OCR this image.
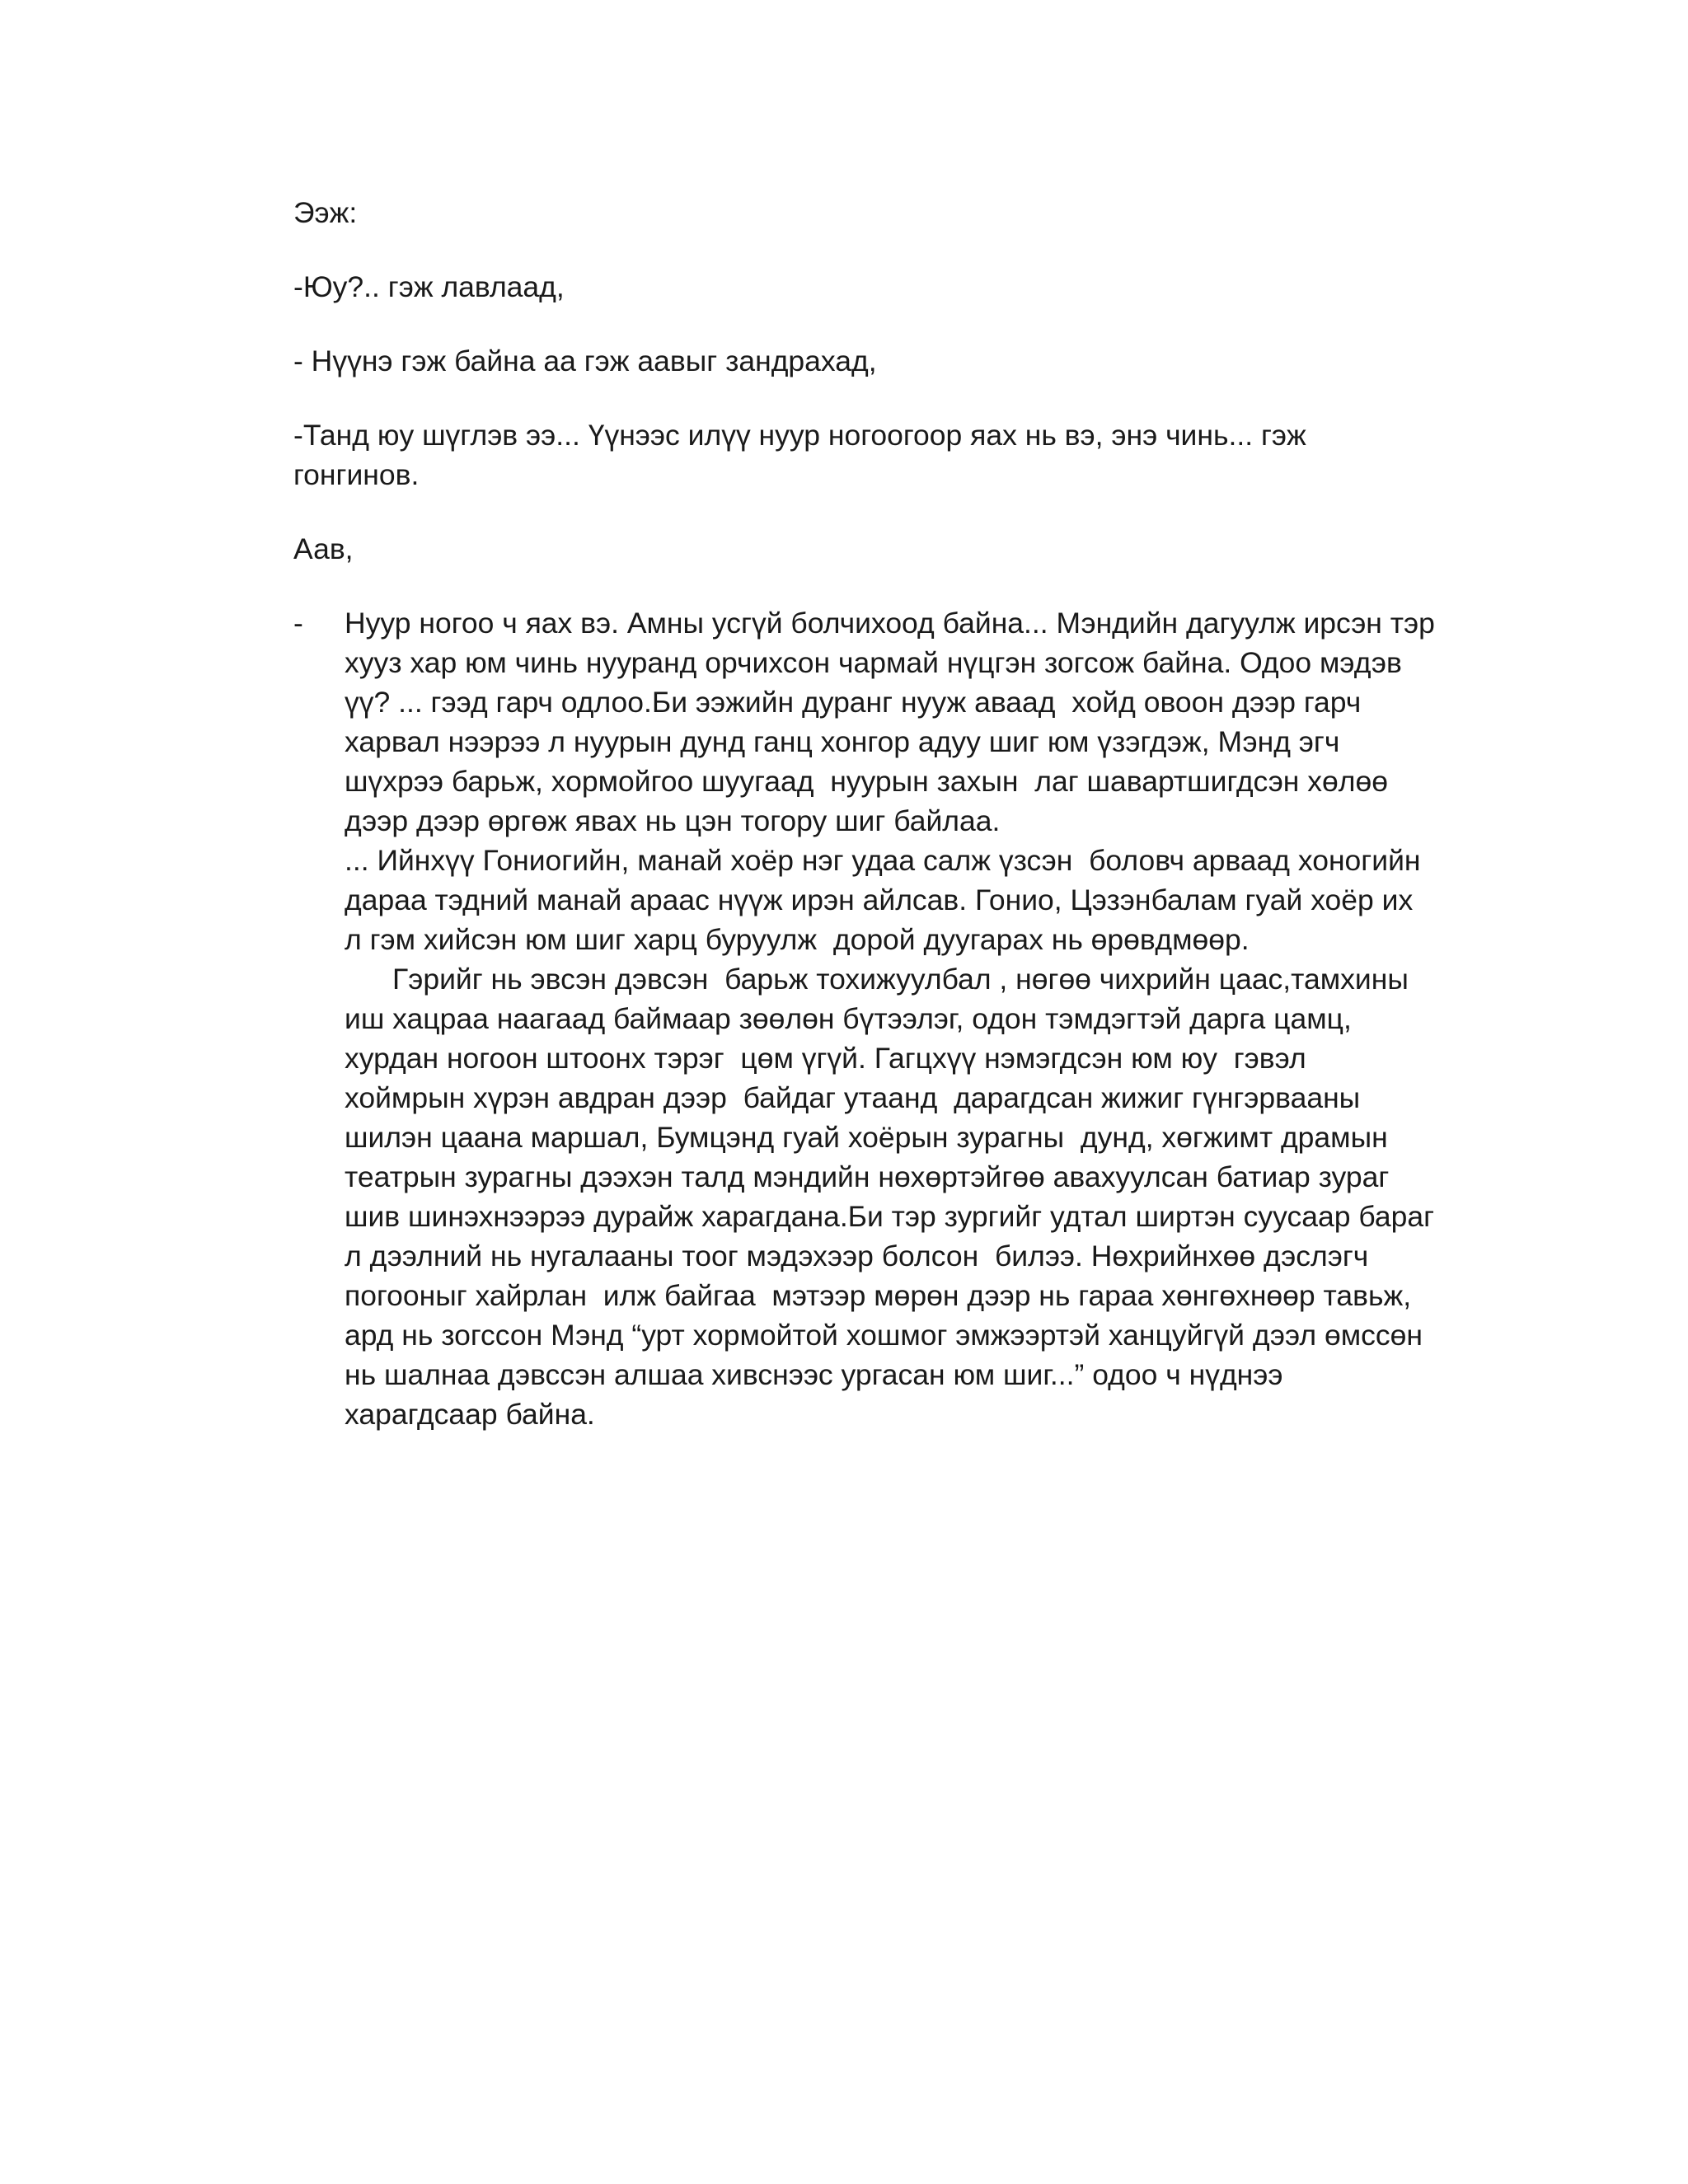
Ээж:

-Юу?.. гэж лавлаад,

- Нүүнэ гэж байна аа гэж аавыг зандрахад,

-Танд юу шүглэв ээ... Үүнээс илүү нуур ногоогоор яах нь вэ, энэ чинь... гэж
гонгинов.

Аав,

- Нуур ногоо ч яах вэ. Амны усгүй болчихоод байна... Мэндийн дагуулж ирсэн тэр
хууз хар юм чинь нууранд орчихсон чармай нүцгэн зогсож байна. Одоо мэдэв
үү? ... гээд гарч одлоо.Би ээжийн дуранг нууж аваад  хойд овоон дээр гарч
харвал нээрээ л нуурын дунд ганц хонгор адуу шиг юм үзэгдэж, Мэнд эгч
шүхрээ барьж, хормойгоо шуугаад  нуурын захын  лаг шавартшигдсэн хөлөө
дээр дээр өргөж явах нь цэн тогору шиг байлаа.
... Ийнхүү Гониогийн, манай хоёр нэг удаа салж үзсэн  боловч арваад хоногийн
дараа тэдний манай араас нүүж ирэн айлсав. Гонио, Цэзэнбалам гуай хоёр их
л гэм хийсэн юм шиг харц буруулж  дорой дуугарах нь өрөвдмөөр.
Гэрийг нь эвсэн дэвсэн  барьж тохижуулбал , нөгөө чихрийн цаас,тамхины
иш хацраа наагаад баймаар зөөлөн бүтээлэг, одон тэмдэгтэй дарга цамц,
хурдан ногоон штоонх тэрэг  цөм үгүй. Гагцхүү нэмэгдсэн юм юу  гэвэл
хоймрын хүрэн авдран дээр  байдаг утаанд  дарагдсан жижиг гүнгэрвааны
шилэн цаана маршал, Бумцэнд гуай хоёрын зурагны  дунд, хөгжимт драмын
театрын зурагны дээхэн талд мэндийн нөхөртэйгөө авахуулсан батиар зураг
шив шинэхнээрээ дурайж харагдана.Би тэр зургийг удтал ширтэн суусаар бараг
л дээлний нь нугалааны тоог мэдэхээр болсон  билээ. Нөхрийнхөө дэслэгч
погооныг хайрлан  илж байгаа  мэтээр мөрөн дээр нь гараа хөнгөхнөөр тавьж,
ард нь зогссон Мэнд “урт хормойтой хошмог эмжээртэй ханцуйгүй дээл өмссөн
нь шалнаа дэвссэн алшаа хивснээс ургасан юм шиг...” одоо ч нүднээ
харагдсаар байна.
